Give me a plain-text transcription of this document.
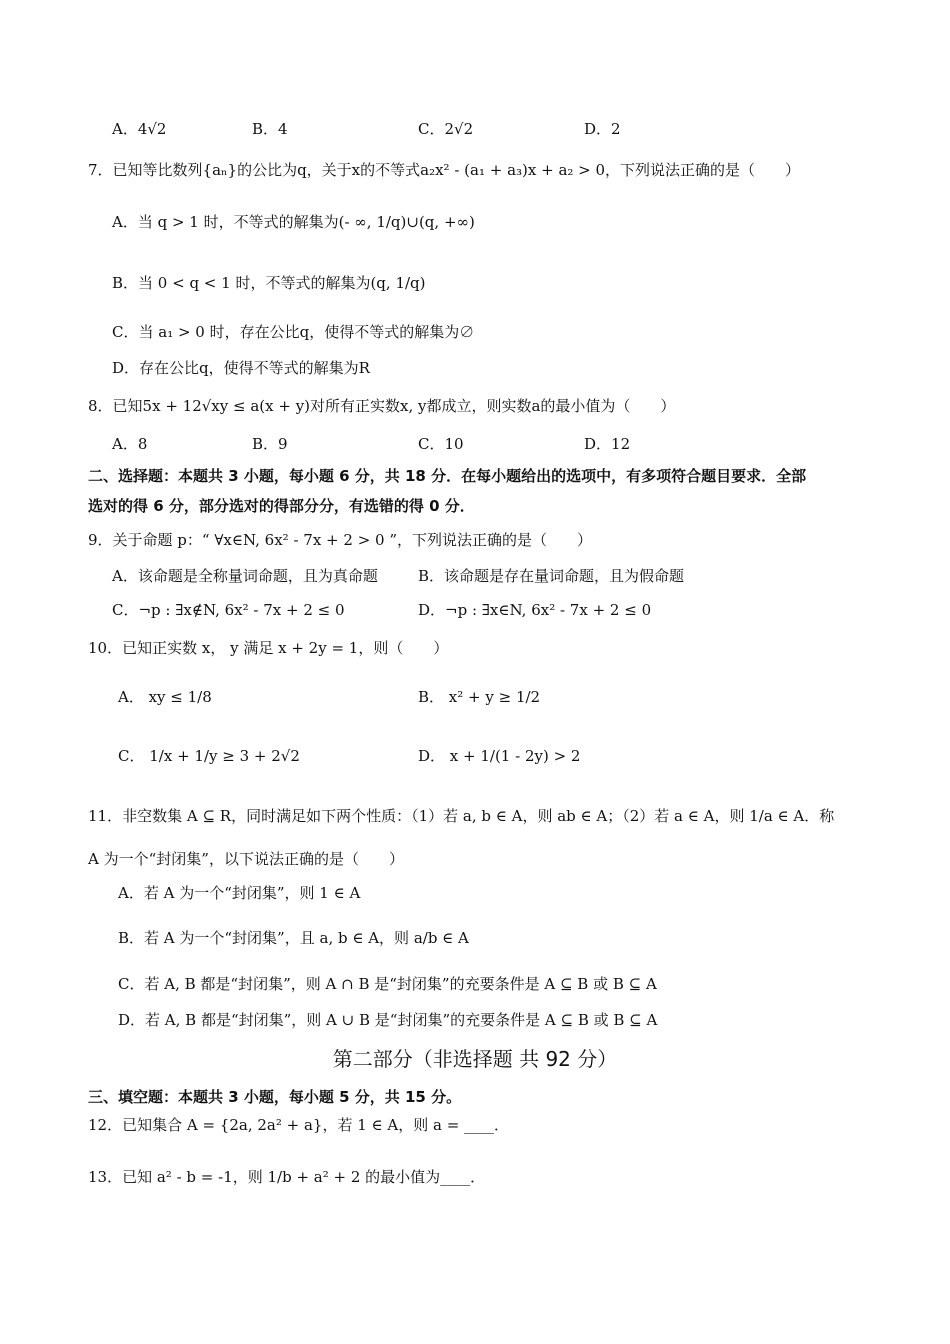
A．4√2	B．4	C．2√2	D．2
7．已知等比数列{aₙ}的公比为q，关于x的不等式a₂x² - (a₁ + a₃)x + a₂ > 0，下列说法正确的是（　　）
A．当 q > 1 时，不等式的解集为(- ∞, 1/q)∪(q, +∞)
B．当 0 < q < 1 时，不等式的解集为(q, 1/q)
C．当 a₁ > 0 时，存在公比q，使得不等式的解集为∅
D．存在公比q，使得不等式的解集为R
8．已知5x + 12√xy ≤ a(x + y)对所有正实数x, y都成立，则实数a的最小值为（　　）
A．8	B．9	C．10	D．12
二、选择题：本题共 3 小题，每小题 6 分，共 18 分．在每小题给出的选项中，有多项符合题目要求．全部
选对的得 6 分，部分选对的得部分分，有选错的得 0 分．
9．关于命题 p：“ ∀x∈N, 6x² - 7x + 2 > 0 ”，下列说法正确的是（　　）
A．该命题是全称量词命题，且为真命题	B．该命题是存在量词命题，且为假命题
C．¬p : ∃x∉N, 6x² - 7x + 2 ≤ 0	D．¬p : ∃x∈N, 6x² - 7x + 2 ≤ 0
10．已知正实数 x， y 满足 x + 2y = 1，则（　　）
A． xy ≤ 1/8	B． x² + y ≥ 1/2
C． 1/x + 1/y ≥ 3 + 2√2	D． x + 1/(1 - 2y) > 2
11．非空数集 A ⊆ R，同时满足如下两个性质：（1）若 a, b ∈ A，则 ab ∈ A；（2）若 a ∈ A，则 1/a ∈ A．称
A 为一个“封闭集”，以下说法正确的是（　　）
A．若 A 为一个“封闭集”，则 1 ∈ A
B．若 A 为一个“封闭集”，且 a, b ∈ A，则 a/b ∈ A
C．若 A, B 都是“封闭集”，则 A ∩ B 是“封闭集”的充要条件是 A ⊆ B 或 B ⊆ A
D．若 A, B 都是“封闭集”，则 A ∪ B 是“封闭集”的充要条件是 A ⊆ B 或 B ⊆ A
第二部分（非选择题 共 92 分）
三、填空题：本题共 3 小题，每小题 5 分，共 15 分。
12．已知集合 A = {2a, 2a² + a}，若 1 ∈ A，则 a = ____．
13．已知 a² - b = -1，则 1/b + a² + 2 的最小值为____．
